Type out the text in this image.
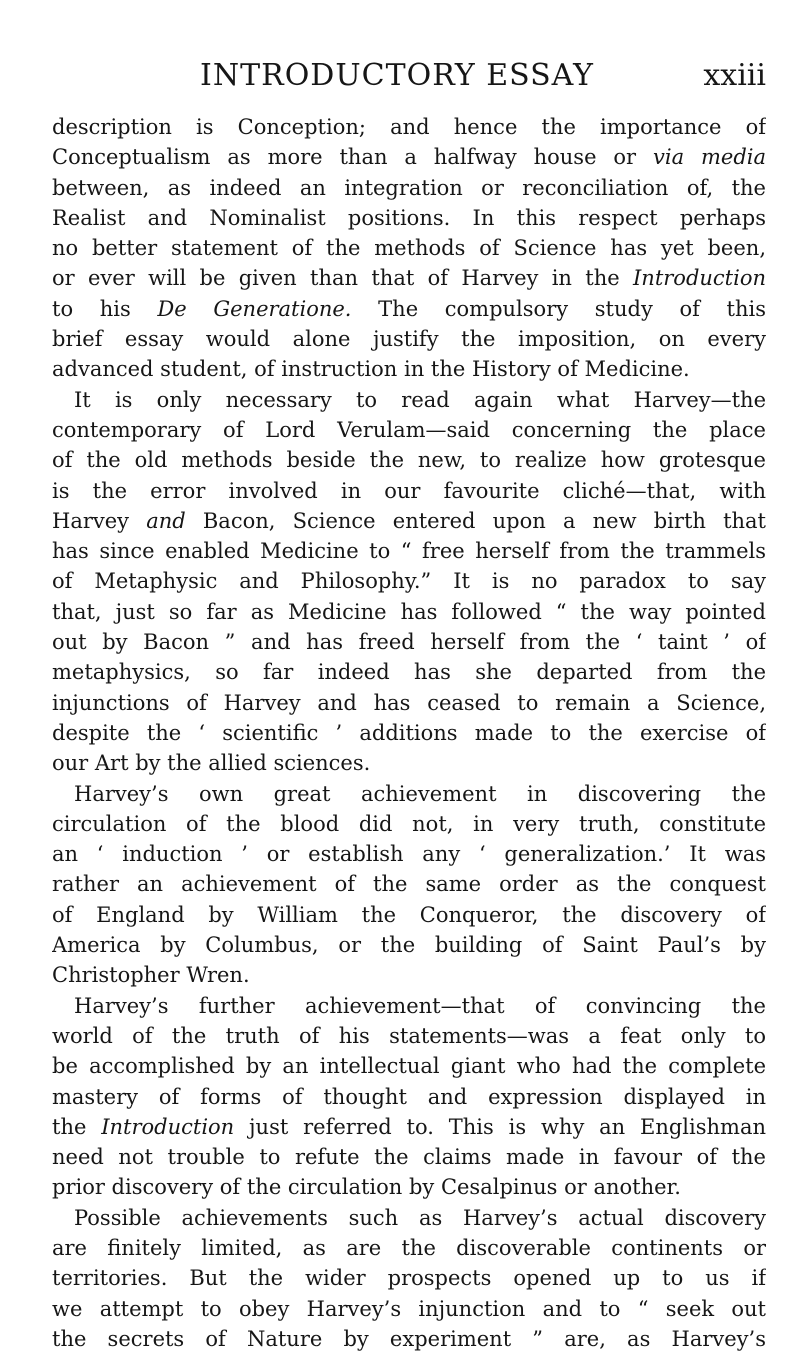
INTRODUCTORY ESSAY	xxiii
description is Conception; and hence the importance of
Conceptualism as more than a halfway house or via media
between, as indeed an integration or reconciliation of, the
Realist and Nominalist positions. In this respect perhaps
no better statement of the methods of Science has yet been,
or ever will be given than that of Harvey in the Introduction
to his De Generatione. The compulsory study of this
brief essay would alone justify the imposition, on every
advanced student, of instruction in the History of Medicine.
It is only necessary to read again what Harvey—the
contemporary of Lord Verulam—said concerning the place
of the old methods beside the new, to realize how grotesque
is the error involved in our favourite cliché—that, with
Harvey and Bacon, Science entered upon a new birth that
has since enabled Medicine to “ free herself from the trammels
of Metaphysic and Philosophy.” It is no paradox to say
that, just so far as Medicine has followed “ the way pointed
out by Bacon ” and has freed herself from the ‘ taint ’ of
metaphysics, so far indeed has she departed from the
injunctions of Harvey and has ceased to remain a Science,
despite the ‘ scientific ’ additions made to the exercise of
our Art by the allied sciences.
Harvey’s own great achievement in discovering the
circulation of the blood did not, in very truth, constitute
an ‘ induction ’ or establish any ‘ generalization.’ It was
rather an achievement of the same order as the conquest
of England by William the Conqueror, the discovery of
America by Columbus, or the building of Saint Paul’s by
Christopher Wren.
Harvey’s further achievement—that of convincing the
world of the truth of his statements—was a feat only to
be accomplished by an intellectual giant who had the complete
mastery of forms of thought and expression displayed in
the Introduction just referred to. This is why an Englishman
need not trouble to refute the claims made in favour of the
prior discovery of the circulation by Cesalpinus or another.
Possible achievements such as Harvey’s actual discovery
are finitely limited, as are the discoverable continents or
territories. But the wider prospects opened up to us if
we attempt to obey Harvey’s injunction and to “ seek out
the secrets of Nature by experiment ” are, as Harvey’s
